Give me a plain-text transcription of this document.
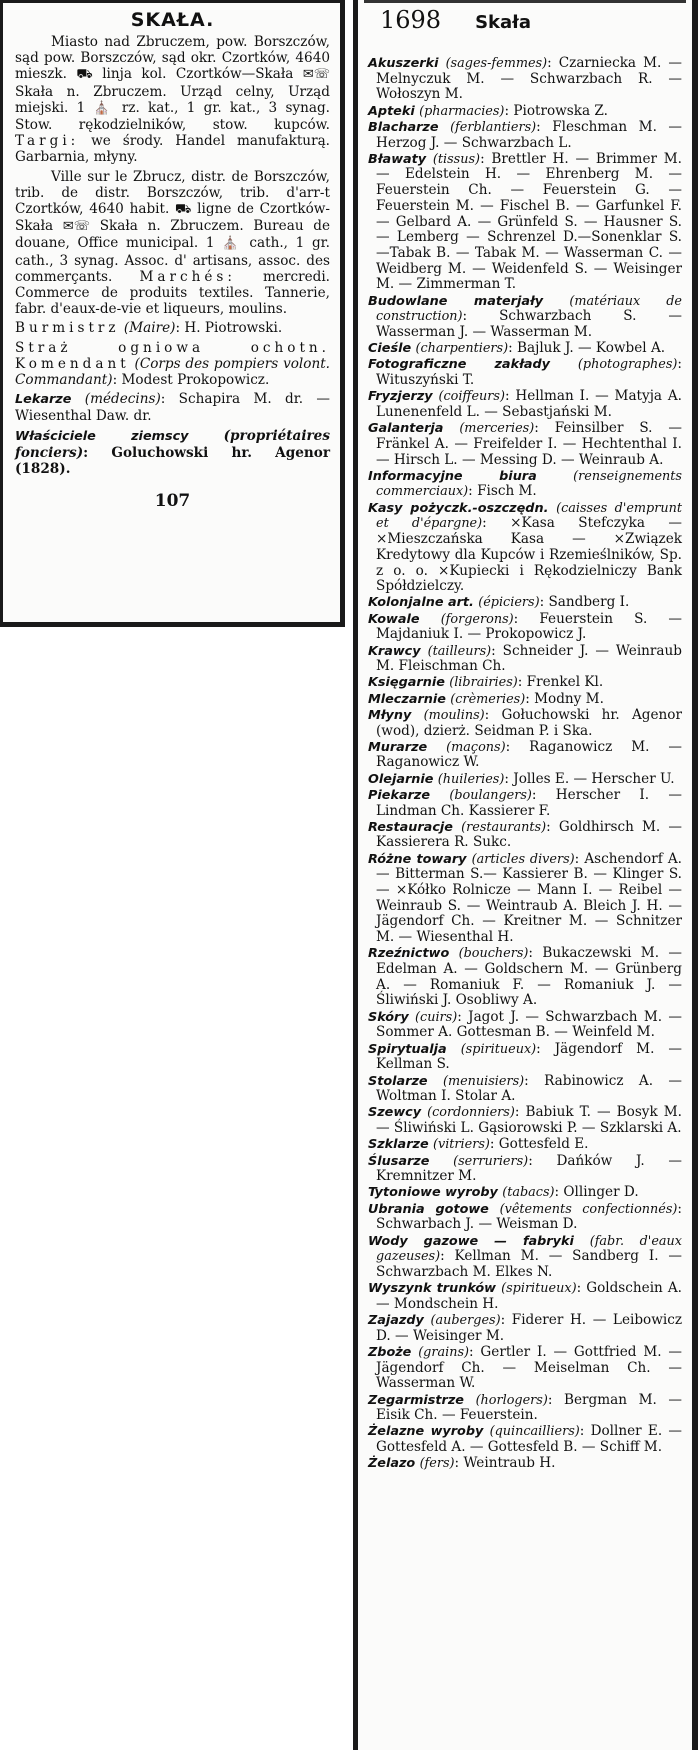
SKAŁA.

Miasto nad Zbruczem, pow. Borszczów, sąd pow. Borszczów, sąd okr. Czortków, 4640 mieszk. ⛟ linja kol. Czortków—Skała ✉☏ Skała n. Zbruczem. Urząd celny, Urząd miejski. 1 ⛪ rz. kat., 1 gr. kat., 3 synag. Stow. rękodzielników, stow. kupców. Targi: we środy. Handel manufakturą. Garbarnia, młyny.

Ville sur le Zbrucz, distr. de Borszczów, trib. de distr. Borszczów, trib. d'arr-t Czortków, 4640 habit. ⛟ ligne de Czortków-Skała ✉☏ Skała n. Zbruczem. Bureau de douane, Office municipal. 1 ⛪ cath., 1 gr. cath., 3 synag. Assoc. d' artisans, assoc. des commerçants. Marchés: mercredi. Commerce de produits textiles. Tannerie, fabr. d'eaux-de-vie et liqueurs, moulins.

Burmistrz (Maire): H. Piotrowski.

Straż ogniowa ochotn. Komendant (Corps des pompiers volont. Commandant): Modest Prokopowicz.

Lekarze (médecins): Schapira M. dr. — Wiesenthal Daw. dr.

Właściciele ziemscy	(propriétaires fonciers): Goluchowski hr. Agenor (1828).

107
1698 Skała

Akuszerki (sages-femmes): Czarniecka M. — Melnyczuk M. — Schwarzbach R. — Wołoszyn M.

Apteki (pharmacies): Piotrowska Z.

Blacharze (ferblantiers): Fleschman M. — Herzog J. — Schwarzbach L.

Bławaty (tissus): Brettler H. — Brimmer M. — Edelstein H. — Ehrenberg M. — Feuerstein Ch. — Feuerstein G. — Feuerstein M. — Fischel B. — Garfunkel F. — Gelbard A. — Grünfeld S. — Hausner S. — Lemberg — Schrenzel D.—Sonenklar S. —Tabak B. — Tabak M. — Wasserman C. — Weidberg M. — Weidenfeld S. — Weisinger M. — Zimmerman T.

Budowlane materjały (matériaux de construction): Schwarzbach S. — Wasserman J. — Wasserman M.

Cieśle (charpentiers): Bajluk J. — Kowbel A.

Fotograficzne zakłady (photographes): Wituszyński T.

Fryzjerzy (coiffeurs): Hellman I. — Matyja A. Lunenenfeld L. — Sebastjański M.

Galanterja (merceries): Feinsilber S. — Fränkel A. — Freifelder I. — Hechtenthal I. — Hirsch L. — Messing D. — Weinraub A.

Informacyjne biura	(renseignements commerciaux): Fisch M.

Kasy pożyczk.-oszczędn. (caisses d'emprunt et d'épargne): ×Kasa Stefczyka — ×Mieszczańska Kasa — ×Związek Kredytowy dla Kupców i Rzemieślników, Sp. z o. o. ×Kupiecki i Rękodzielniczy Bank Spółdzielczy.

Kolonjalne art. (épiciers): Sandberg I.

Kowale (forgerons): Feuerstein S. — Majdaniuk I. — Prokopowicz J.

Krawcy (tailleurs): Schneider J. — Weinraub M. Fleischman Ch.

Księgarnie (librairies): Frenkel Kl.

Mleczarnie (crèmeries): Modny M.

Młyny (moulins): Gołuchowski hr. Agenor (wod), dzierż. Seidman P. i Ska.

Murarze (maçons): Raganowicz M. — Raganowicz W.

Olejarnie (huileries): Jolles E. — Herscher U.

Piekarze (boulangers): Herscher I. — Lindman Ch. Kassierer F.

Restauracje (restaurants): Goldhirsch M. — Kassierera R. Sukc.

Różne towary (articles divers): Aschendorf A. — Bitterman S.— Kassierer B. — Klinger S. — ×Kółko Rolnicze — Mann I. — Reibel — Weinraub S. — Weintraub A. Bleich J. H. — Jägendorf Ch. — Kreitner M. — Schnitzer M. — Wiesenthal H.

Rzeźnictwo (bouchers): Bukaczewski M. — Edelman A. — Goldschern M. — Grünberg A. — Romaniuk F. — Romaniuk J. — Śliwiński J. Osobliwy A.

Skóry (cuirs): Jagot J. — Schwarzbach M. — Sommer A. Gottesman B. — Weinfeld M.

Spirytualja (spiritueux): Jägendorf M. — Kellman S.

Stolarze (menuisiers): Rabinowicz A. — Woltman I. Stolar A.

Szewcy (cordonniers): Babiuk T. — Bosyk M. — Śliwiński L. Gąsiorowski P. — Szklarski A.

Szklarze (vitriers): Gottesfeld E.

Ślusarze (serruriers): Dańków J. — Kremnitzer M.

Tytoniowe wyroby (tabacs): Ollinger D.

Ubrania gotowe (vêtements confectionnés): Schwarbach J. — Weisman D.

Wody gazowe — fabryki (fabr. d'eaux gazeuses): Kellman M. — Sandberg I. — Schwarzbach M. Elkes N.

Wyszynk trunków (spiritueux): Goldschein A. — Mondschein H.

Zajazdy (auberges): Fiderer H. — Leibowicz D. — Weisinger M.

Zboże (grains): Gertler I. — Gottfried M. — Jägendorf Ch. — Meiselman Ch. — Wasserman W.

Zegarmistrze (horlogers): Bergman M. — Eisik Ch. — Feuerstein.

Żelazne wyroby (quincailliers): Dollner E. — Gottesfeld A. — Gottesfeld B. — Schiff M.

Żelazo (fers): Weintraub H.
